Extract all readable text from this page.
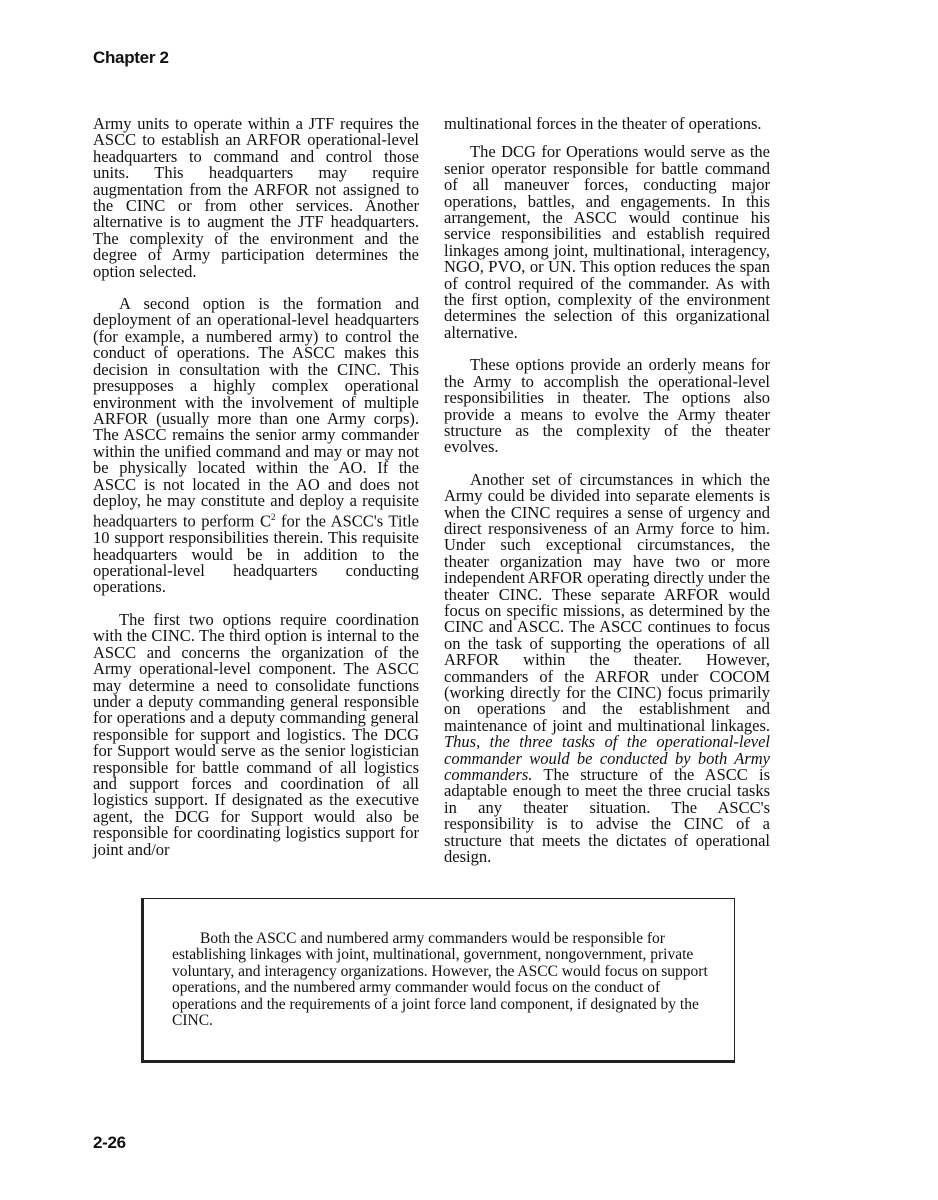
Chapter 2

Army units to operate within a JTF requires the ASCC to establish an ARFOR operational-level headquarters to command and control those units. This headquarters may require augmentation from the ARFOR not assigned to the CINC or from other services. Another alternative is to augment the JTF headquarters. The complexity of the environment and the degree of Army participation determines the option selected.

A second option is the formation and deployment of an operational-level headquarters (for example, a numbered army) to control the conduct of operations. The ASCC makes this decision in consultation with the CINC. This presupposes a highly complex operational environment with the involvement of multiple ARFOR (usually more than one Army corps). The ASCC remains the senior army commander within the unified command and may or may not be physically located within the AO. If the ASCC is not located in the AO and does not deploy, he may constitute and deploy a requisite headquarters to perform $C^2$ for the ASCC's Title 10 support responsibilities therein. This requisite headquarters would be in addition to the operational-level headquarters conducting operations.

The first two options require coordination with the CINC. The third option is internal to the ASCC and concerns the organization of the Army operational-level component. The ASCC may determine a need to consolidate functions under a deputy commanding general responsible for operations and a deputy commanding general responsible for support and logistics. The DCG for Support would serve as the senior logistician responsible for battle command of all logistics and support forces and coordination of all logistics support. If designated as the executive agent, the DCG for Support would also be responsible for coordinating logistics support for joint and/or

multinational forces in the theater of operations.

The DCG for Operations would serve as the senior operator responsible for battle command of all maneuver forces, conducting major operations, battles, and engagements. In this arrangement, the ASCC would continue his service responsibilities and establish required linkages among joint, multinational, interagency, NGO, PVO, or UN. This option reduces the span of control required of the commander. As with the first option, complexity of the environment determines the selection of this organizational alternative.

These options provide an orderly means for the Army to accomplish the operational-level responsibilities in theater. The options also provide a means to evolve the Army theater structure as the complexity of the theater evolves.

Another set of circumstances in which the Army could be divided into separate elements is when the CINC requires a sense of urgency and direct responsiveness of an Army force to him. Under such exceptional circumstances, the theater organization may have two or more independent ARFOR operating directly under the theater CINC. These separate ARFOR would focus on specific missions, as determined by the CINC and ASCC. The ASCC continues to focus on the task of supporting the operations of all ARFOR within the theater. However, commanders of the ARFOR under COCOM (working directly for the CINC) focus primarily on operations and the establishment and maintenance of joint and multinational linkages. Thus, the three tasks of the operational-level commander would be conducted by both Army commanders. The structure of the ASCC is adaptable enough to meet the three crucial tasks in any theater situation. The ASCC's responsibility is to advise the CINC of a structure that meets the dictates of operational design.

Both the ASCC and numbered army commanders would be responsible for establishing linkages with joint, multinational, government, nongovernment, private voluntary, and interagency organizations. However, the ASCC would focus on support operations, and the numbered army commander would focus on the conduct of operations and the requirements of a joint force land component, if designated by the CINC.

2-26
